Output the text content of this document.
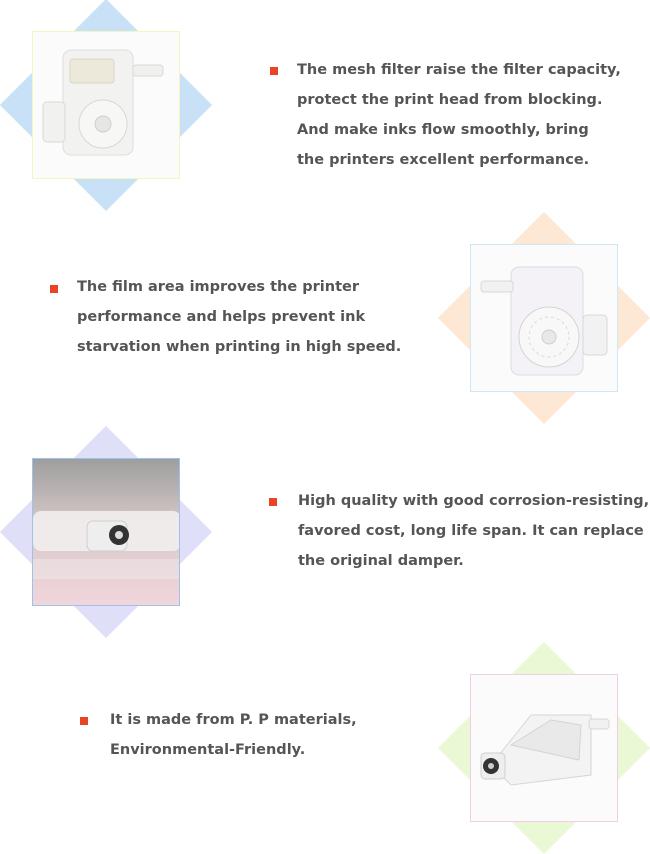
The mesh filter raise the filter capacity,
protect the print head from blocking.
And make inks flow smoothly, bring
the printers excellent performance.

The film area improves the printer
performance and helps prevent ink
starvation when printing in high speed.

High quality with good corrosion-resisting,
favored cost, long life span. It can replace
the original damper.

It is made from P. P materials,
Environmental-Friendly.
